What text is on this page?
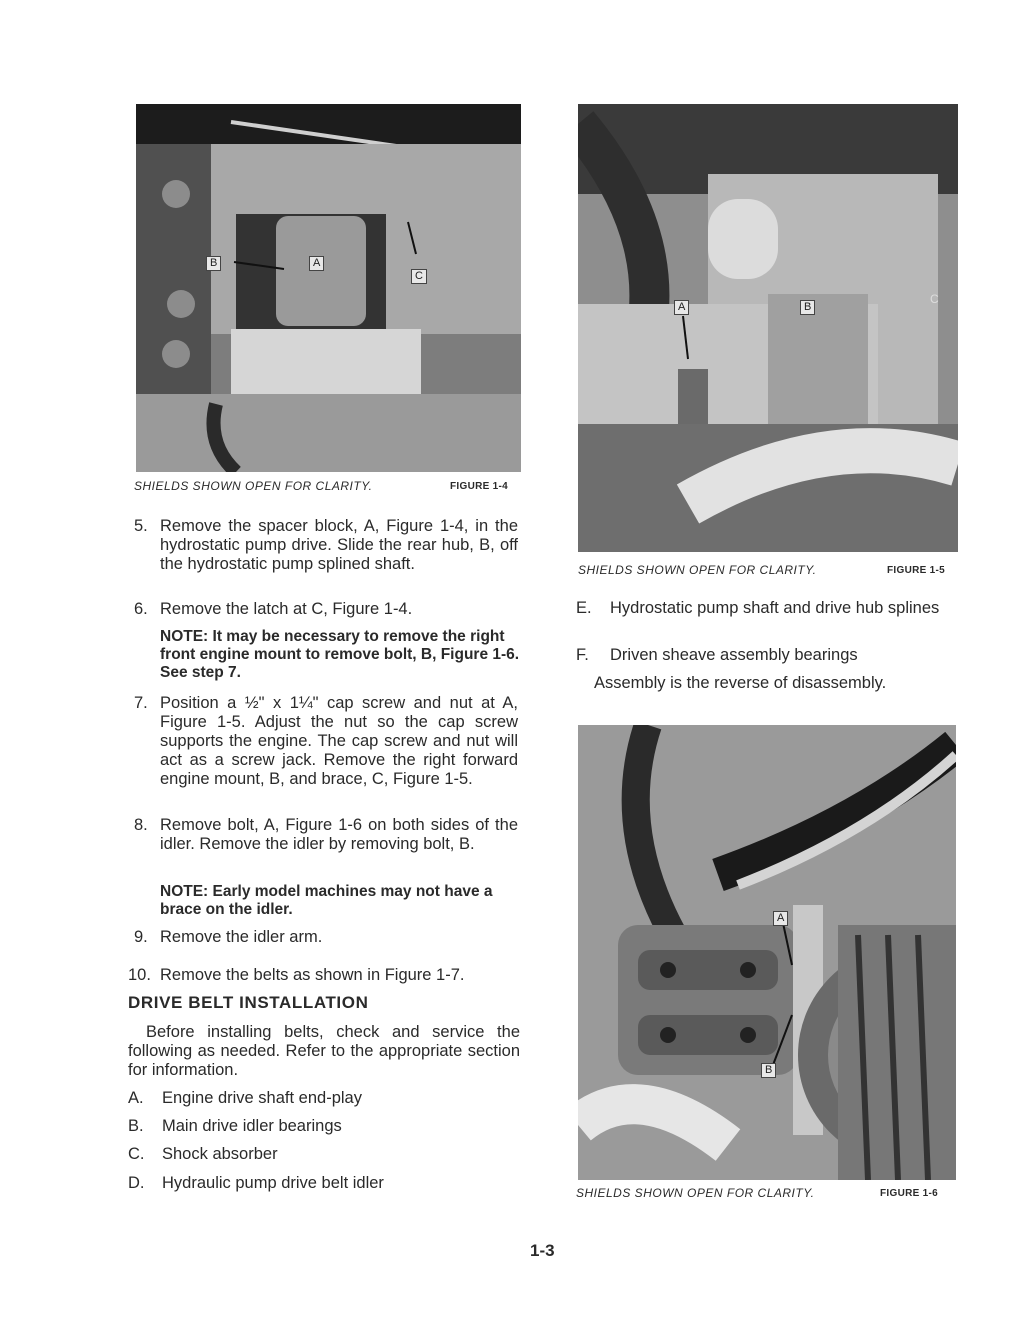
B	A
C
SHIELDS SHOWN OPEN FOR CLARITY.	FIGURE 1-4
A	B
C
SHIELDS SHOWN OPEN FOR CLARITY.	FIGURE 1-5
A
B
SHIELDS SHOWN OPEN FOR CLARITY.	FIGURE 1-6
5. Remove the spacer block, A, Figure 1-4, in the hydrostatic pump drive. Slide the rear hub, B, off the hydrostatic pump splined shaft.
6. Remove the latch at C, Figure 1-4.
NOTE: It may be necessary to remove the right front engine mount to remove bolt, B, Figure 1-6. See step 7.
7. Position a ½" x 1¼" cap screw and nut at A, Figure 1-5. Adjust the nut so the cap screw supports the engine. The cap screw and nut will act as a screw jack. Remove the right forward engine mount, B, and brace, C, Figure 1-5.
8. Remove bolt, A, Figure 1-6 on both sides of the idler. Remove the idler by removing bolt, B.
NOTE: Early model machines may not have a brace on the idler.
9. Remove the idler arm.
10. Remove the belts as shown in Figure 1-7.
DRIVE BELT INSTALLATION
Before installing belts, check and service the following as needed. Refer to the appropriate section for information.
A. Engine drive shaft end-play
B. Main drive idler bearings
C. Shock absorber
D. Hydraulic pump drive belt idler
E. Hydrostatic pump shaft and drive hub splines
F. Driven sheave assembly bearings
Assembly is the reverse of disassembly.
1-3
